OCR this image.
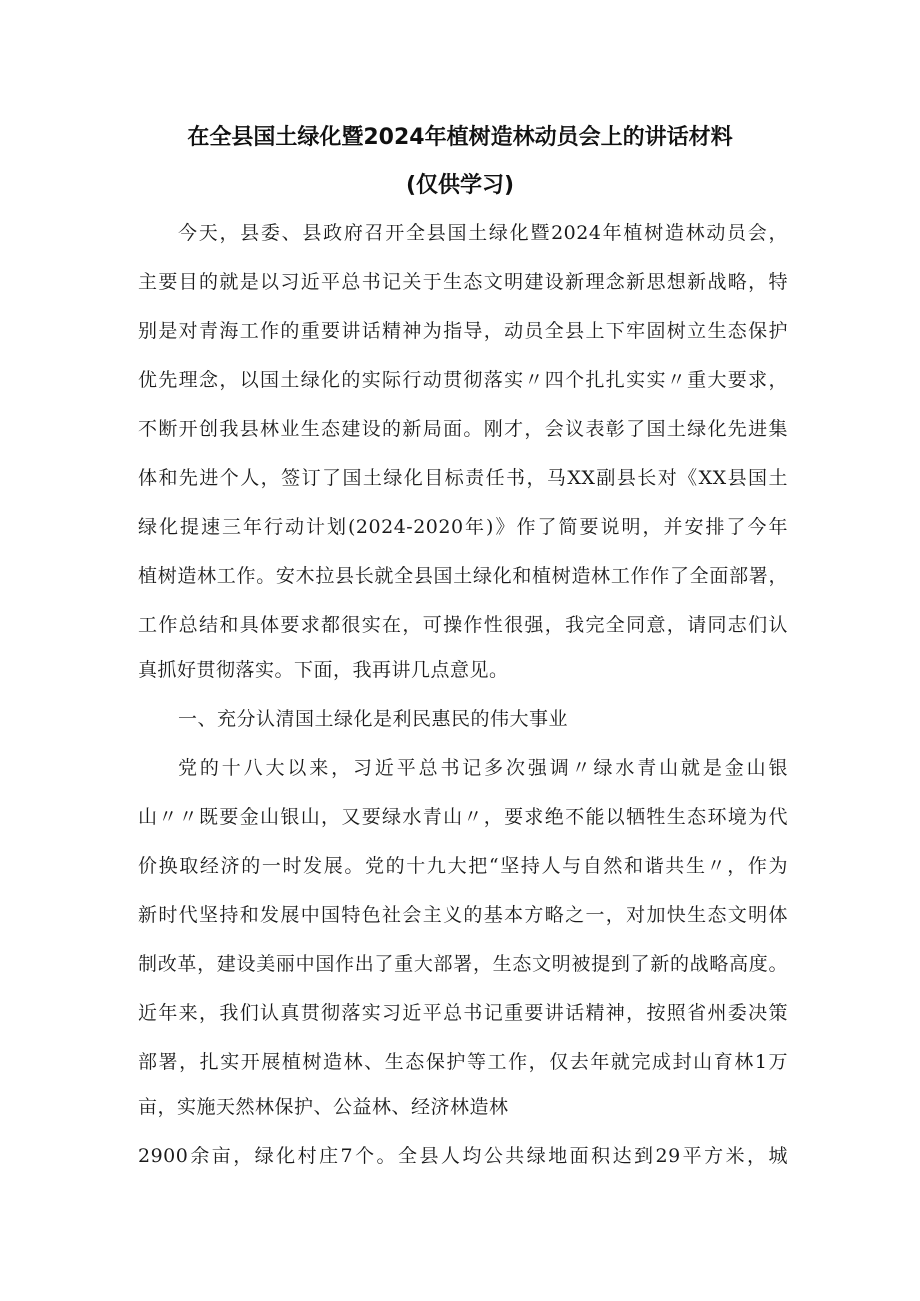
在全县国土绿化暨2024年植树造林动员会上的讲话材料
(仅供学习)
今天，县委、县政府召开全县国土绿化暨2024年植树造林动员会，
主要目的就是以习近平总书记关于生态文明建设新理念新思想新战略，特
别是对青海工作的重要讲话精神为指导，动员全县上下牢固树立生态保护
优先理念，以国土绿化的实际行动贯彻落实〃四个扎扎实实〃重大要求，
不断开创我县林业生态建设的新局面。刚才，会议表彰了国土绿化先进集
体和先进个人，签订了国土绿化目标责任书，马XX副县长对《XX县国土
绿化提速三年行动计划(2024-2020年)》作了简要说明，并安排了今年
植树造林工作。安木拉县长就全县国土绿化和植树造林工作作了全面部署，
工作总结和具体要求都很实在，可操作性很强，我完全同意，请同志们认
真抓好贯彻落实。下面，我再讲几点意见。
一、充分认清国土绿化是利民惠民的伟大事业
党的十八大以来，习近平总书记多次强调〃绿水青山就是金山银
山〃〃既要金山银山，又要绿水青山〃，要求绝不能以牺牲生态环境为代
价换取经济的一时发展。党的十九大把“坚持人与自然和谐共生〃，作为
新时代坚持和发展中国特色社会主义的基本方略之一，对加快生态文明体
制改革，建设美丽中国作出了重大部署，生态文明被提到了新的战略高度。
近年来，我们认真贯彻落实习近平总书记重要讲话精神，按照省州委决策
部署，扎实开展植树造林、生态保护等工作，仅去年就完成封山育林1万
亩，实施天然林保护、公益林、经济林造林
2900余亩，绿化村庄7个。全县人均公共绿地面积达到29平方米，城
